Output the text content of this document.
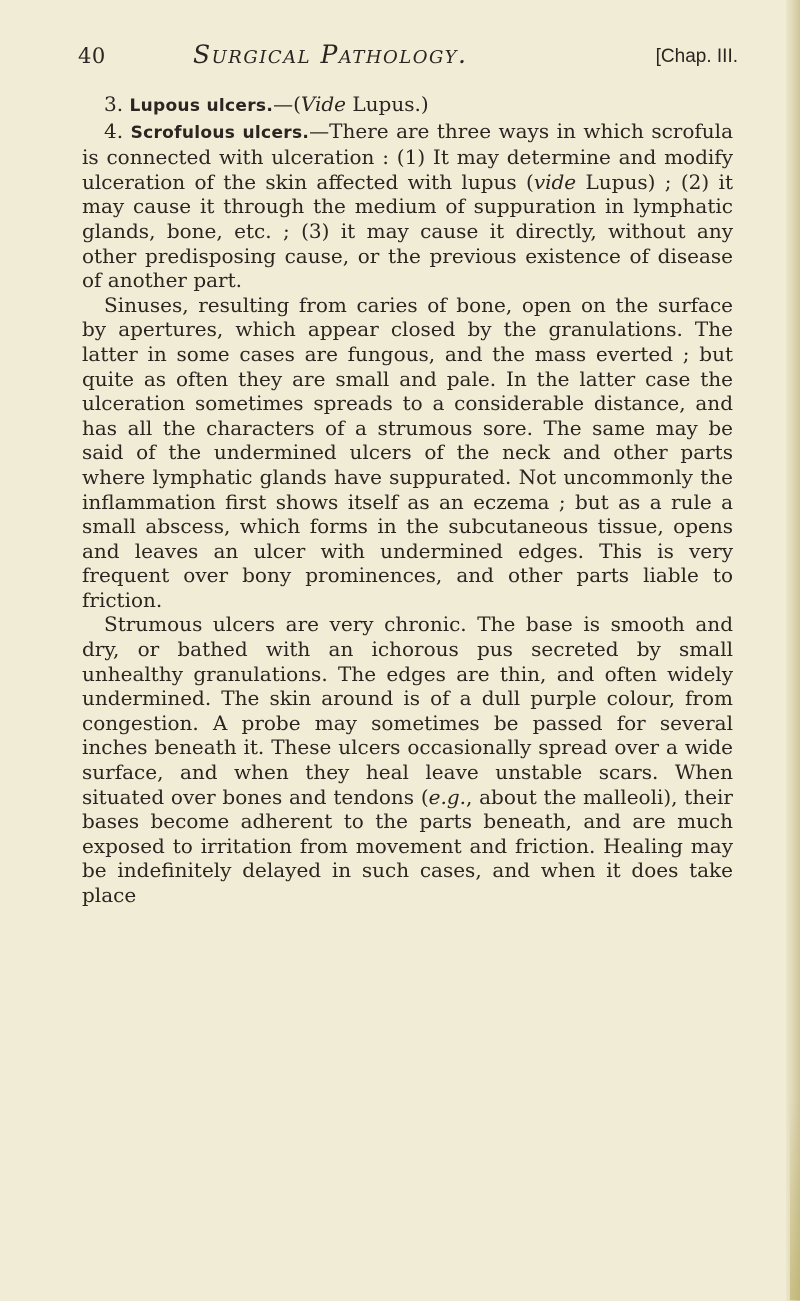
40	Surgical Pathology.	[Chap. III.

3. Lupous ulcers.—(Vide Lupus.)

4. Scrofulous ulcers.—There are three ways in which scrofula is connected with ulceration : (1) It may determine and modify ulceration of the skin affected with lupus (vide Lupus) ; (2) it may cause it through the medium of suppuration in lymphatic glands, bone, etc. ; (3) it may cause it directly, without any other predisposing cause, or the previous existence of disease of another part.

Sinuses, resulting from caries of bone, open on the surface by apertures, which appear closed by the granulations. The latter in some cases are fungous, and the mass everted ; but quite as often they are small and pale. In the latter case the ulceration sometimes spreads to a considerable distance, and has all the characters of a strumous sore. The same may be said of the undermined ulcers of the neck and other parts where lymphatic glands have suppurated. Not uncommonly the inflammation first shows itself as an eczema ; but as a rule a small abscess, which forms in the subcutaneous tissue, opens and leaves an ulcer with undermined edges. This is very frequent over bony prominences, and other parts liable to friction.

Strumous ulcers are very chronic. The base is smooth and dry, or bathed with an ichorous pus secreted by small unhealthy granulations. The edges are thin, and often widely undermined. The skin around is of a dull purple colour, from congestion. A probe may sometimes be passed for several inches beneath it. These ulcers occasionally spread over a wide surface, and when they heal leave unstable scars. When situated over bones and tendons (e.g., about the malleoli), their bases become adherent to the parts beneath, and are much exposed to irritation from movement and friction. Healing may be indefinitely delayed in such cases, and when it does take place
